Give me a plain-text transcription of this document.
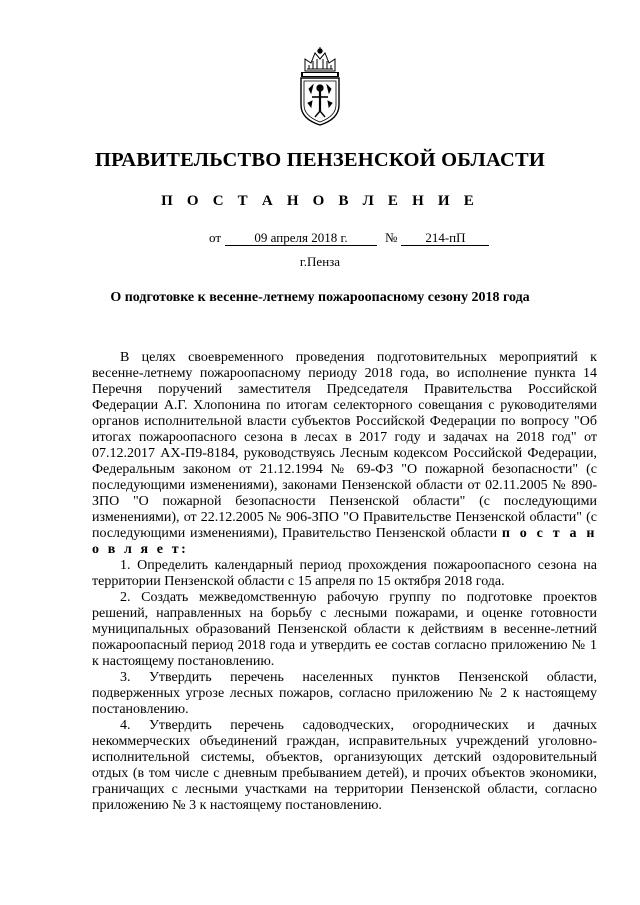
ПРАВИТЕЛЬСТВО ПЕНЗЕНСКОЙ ОБЛАСТИ
П О С Т А Н О В Л Е Н И Е
от	09 апреля 2018 г.	№ 214-пП
г.Пенза
О подготовке к весенне-летнему пожароопасному сезону 2018 года

В целях своевременного проведения подготовительных мероприятий к весенне-летнему пожароопасному периоду 2018 года, во исполнение пункта 14 Перечня поручений заместителя Председателя Правительства Российской Федерации А.Г. Хлопонина по итогам селекторного совещания с руководителями органов исполнительной власти субъектов Российской Федерации по вопросу "Об итогах пожароопасного сезона в лесах в 2017 году и задачах на 2018 год" от 07.12.2017 АХ-П9-8184, руководствуясь Лесным кодексом Российской Федерации, Федеральным законом от 21.12.1994 № 69-ФЗ "О пожарной безопасности" (с последующими изменениями), законами Пензенской области от 02.11.2005 № 890-ЗПО "О пожарной безопасности Пензенской области" (с последующими изменениями), от 22.12.2005 № 906-ЗПО "О Правительстве Пензенской области" (с последующими изменениями), Правительство Пензенской области п о с т а н о в л я е т:

1. Определить календарный период прохождения пожароопасного сезона на территории Пензенской области с 15 апреля по 15 октября 2018 года.

2. Создать межведомственную рабочую группу по подготовке проектов решений, направленных на борьбу с лесными пожарами, и оценке готовности муниципальных образований Пензенской области к действиям в весенне-летний пожароопасный период 2018 года и утвердить ее состав согласно приложению № 1 к настоящему постановлению.

3. Утвердить перечень населенных пунктов Пензенской области, подверженных угрозе лесных пожаров, согласно приложению № 2 к настоящему постановлению.

4. Утвердить перечень садоводческих, огороднических и дачных некоммерческих объединений граждан, исправительных учреждений уголовно-исполнительной системы, объектов, организующих детский оздоровительный отдых (в том числе с дневным пребыванием детей), и прочих объектов экономики, граничащих с лесными участками на территории Пензенской области, согласно приложению № 3 к настоящему постановлению.
